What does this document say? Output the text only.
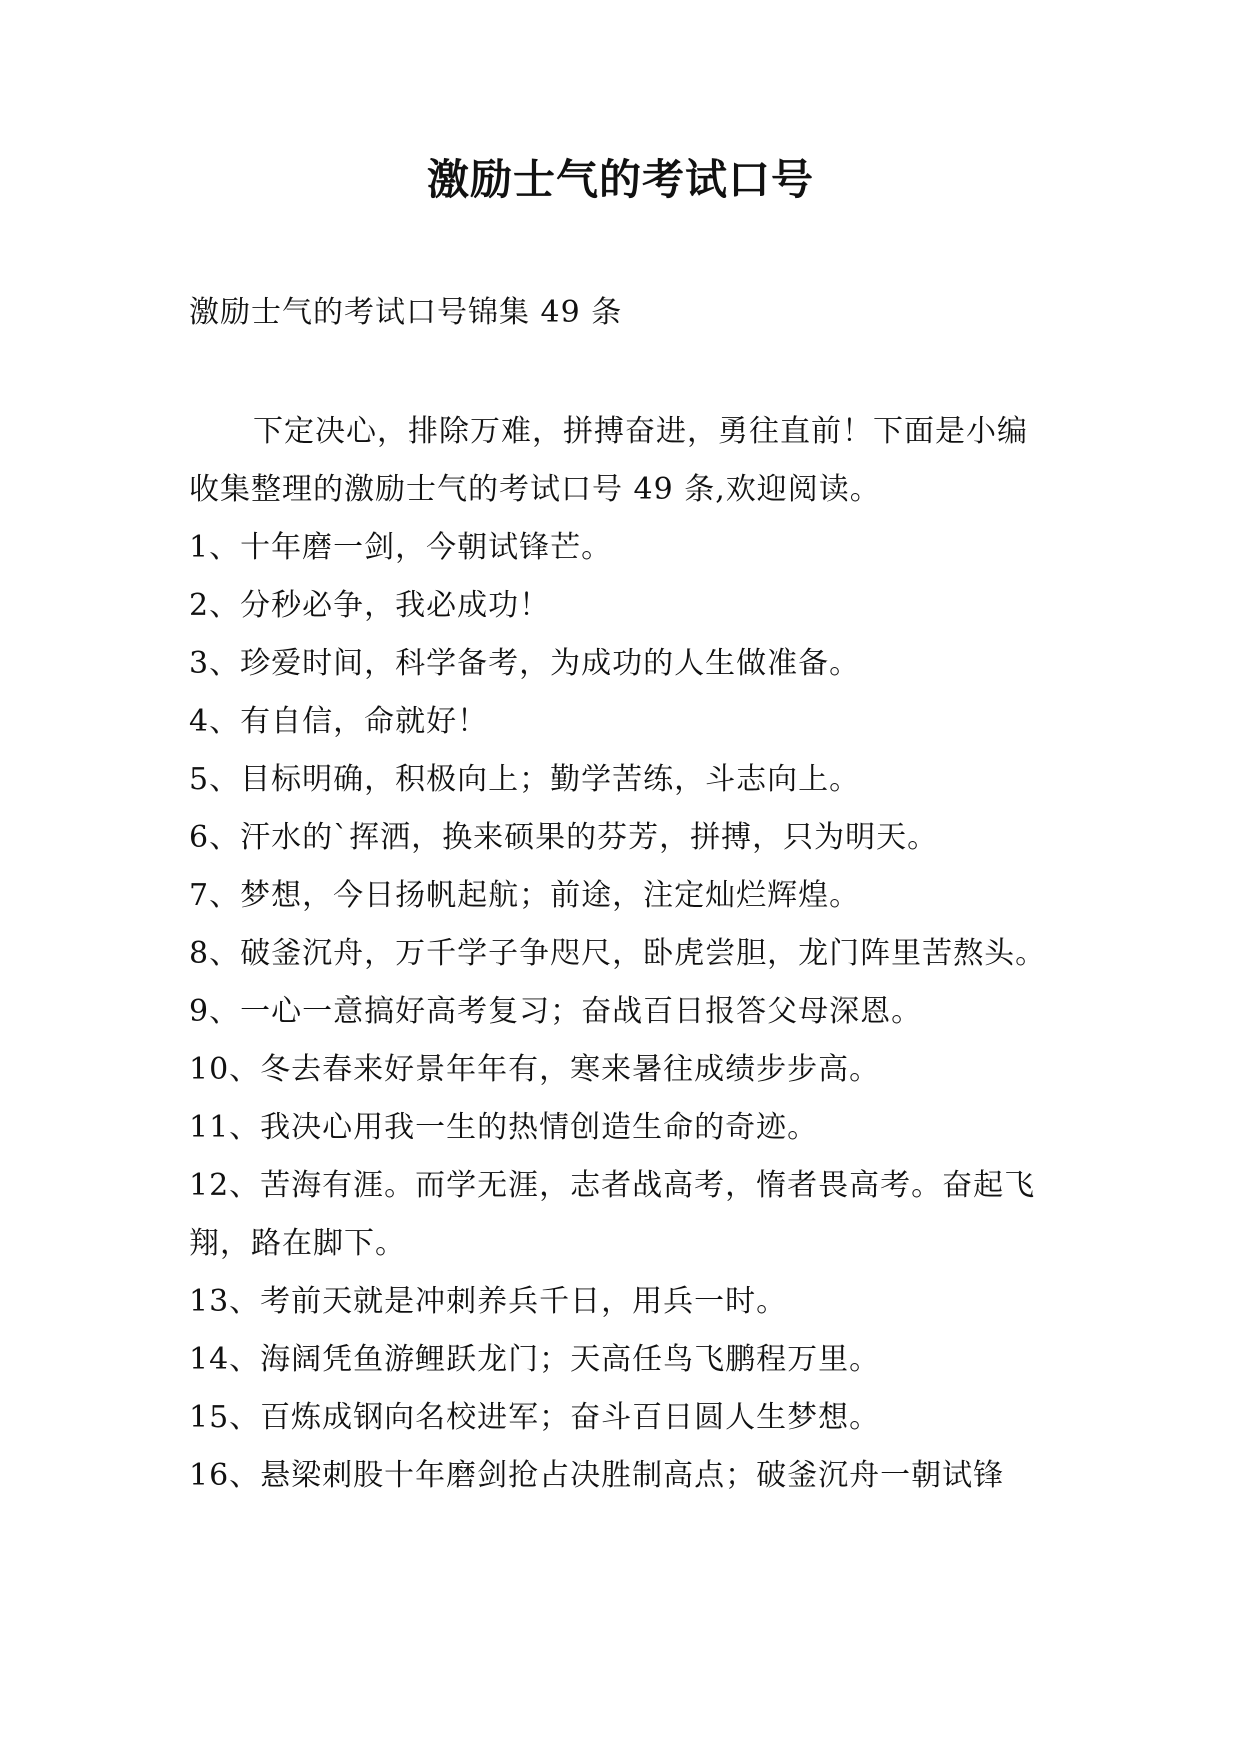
激励士气的考试口号
激励士气的考试口号锦集 49 条

下定决心，排除万难，拼搏奋进，勇往直前！下面是小编收集整理的激励士气的考试口号 49 条,欢迎阅读。

1、十年磨一剑，今朝试锋芒。

2、分秒必争，我必成功！

3、珍爱时间，科学备考，为成功的人生做准备。

4、有自信，命就好！

5、目标明确，积极向上；勤学苦练，斗志向上。

6、汗水的`挥洒，换来硕果的芬芳，拼搏，只为明天。

7、梦想，今日扬帆起航；前途，注定灿烂辉煌。

8、破釜沉舟，万千学子争咫尺，卧虎尝胆，龙门阵里苦熬头。

9、一心一意搞好高考复习；奋战百日报答父母深恩。

10、冬去春来好景年年有，寒来暑往成绩步步高。

11、我决心用我一生的热情创造生命的奇迹。

12、苦海有涯。而学无涯，志者战高考，惰者畏高考。奋起飞翔，路在脚下。

13、考前天就是冲刺养兵千日，用兵一时。

14、海阔凭鱼游鲤跃龙门；天高任鸟飞鹏程万里。

15、百炼成钢向名校进军；奋斗百日圆人生梦想。

16、悬梁刺股十年磨剑抢占决胜制高点；破釜沉舟一朝试锋
